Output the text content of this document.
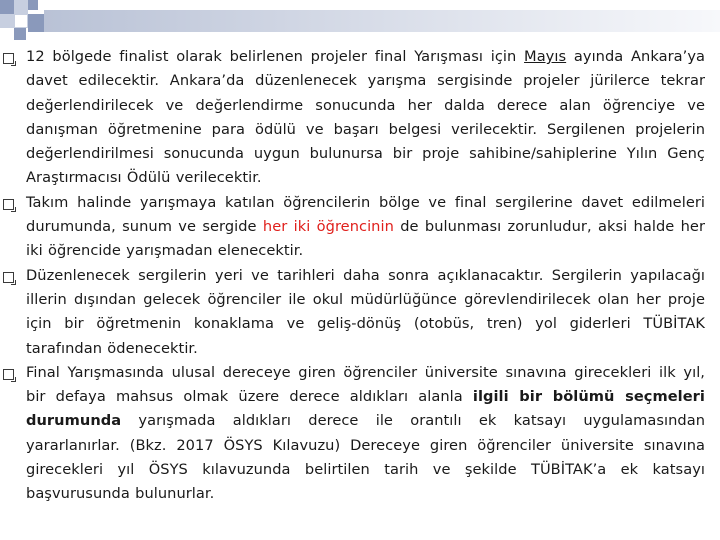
12 bölgede finalist olarak belirlenen projeler final Yarışması için Mayıs ayında Ankara’ya davet edilecektir. Ankara’da düzenlenecek yarışma sergisinde projeler jürilerce tekrar değerlendirilecek ve değerlendirme sonucunda her dalda derece alan öğrenciye ve danışman öğretmenine para ödülü ve başarı belgesi verilecektir. Sergilenen projelerin değerlendirilmesi sonucunda uygun bulunursa bir proje sahibine/sahiplerine Yılın Genç Araştırmacısı Ödülü verilecektir.
Takım halinde yarışmaya katılan öğrencilerin bölge ve final sergilerine davet edilmeleri durumunda, sunum ve sergide her iki öğrencinin de bulunması zorunludur, aksi halde her iki öğrencide yarışmadan elenecektir.
Düzenlenecek sergilerin yeri ve tarihleri daha sonra açıklanacaktır. Sergilerin yapılacağı illerin dışından gelecek öğrenciler ile okul müdürlüğünce görevlendirilecek olan her proje için bir öğretmenin konaklama ve geliş-dönüş (otobüs, tren) yol giderleri TÜBİTAK tarafından ödenecektir.
Final Yarışmasında ulusal dereceye giren öğrenciler üniversite sınavına girecekleri ilk yıl, bir defaya mahsus olmak üzere derece aldıkları alanla ilgili bir bölümü seçmeleri durumunda yarışmada aldıkları derece ile orantılı ek katsayı uygulamasından yararlanırlar. (Bkz. 2017 ÖSYS Kılavuzu) Dereceye giren öğrenciler üniversite sınavına girecekleri yıl ÖSYS kılavuzunda belirtilen tarih ve şekilde TÜBİTAK’a ek katsayı başvurusunda bulunurlar.
